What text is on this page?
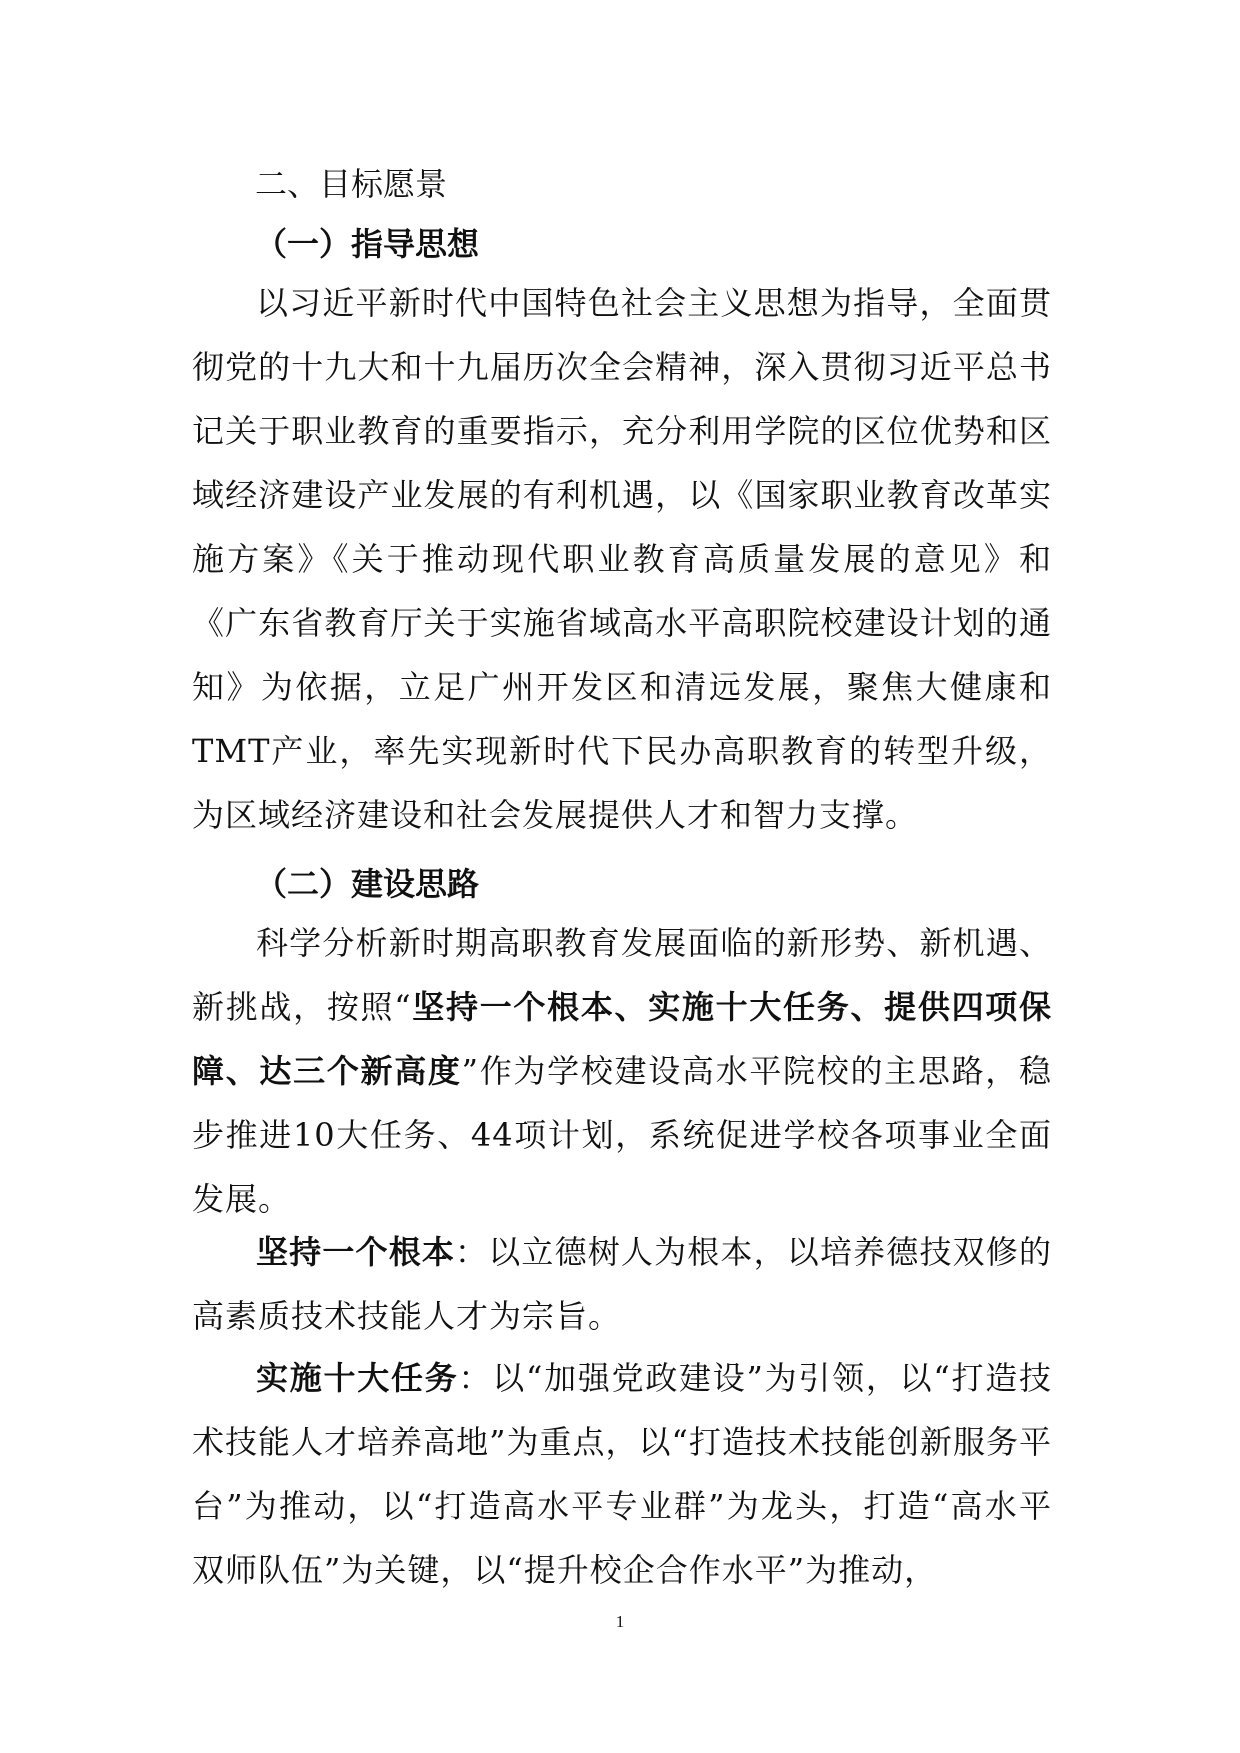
二、目标愿景
（一）指导思想

以习近平新时代中国特色社会主义思想为指导，全面贯彻党的十九大和十九届历次全会精神，深入贯彻习近平总书记关于职业教育的重要指示，充分利用学院的区位优势和区域经济建设产业发展的有利机遇，以《国家职业教育改革实施方案》《关于推动现代职业教育高质量发展的意见》和《广东省教育厅关于实施省域高水平高职院校建设计划的通知》为依据，立足广州开发区和清远发展，聚焦大健康和TMT产业，率先实现新时代下民办高职教育的转型升级，为区域经济建设和社会发展提供人才和智力支撑。

（二）建设思路

科学分析新时期高职教育发展面临的新形势、新机遇、新挑战，按照“坚持一个根本、实施十大任务、提供四项保障、达三个新高度”作为学校建设高水平院校的主思路，稳步推进10大任务、44项计划，系统促进学校各项事业全面发展。

坚持一个根本：以立德树人为根本，以培养德技双修的高素质技术技能人才为宗旨。

实施十大任务：以“加强党政建设”为引领，以“打造技术技能人才培养高地”为重点，以“打造技术技能创新服务平台”为推动，以“打造高水平专业群”为龙头，打造“高水平双师队伍”为关键，以“提升校企合作水平”为推动，

1
